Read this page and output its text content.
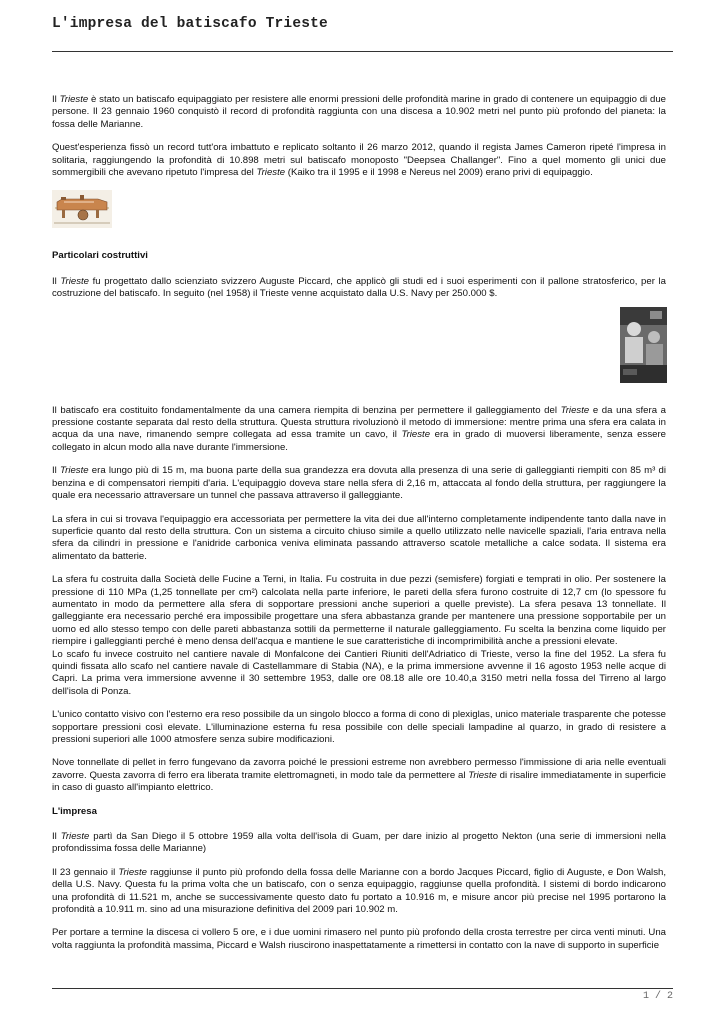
L'impresa del batiscafo Trieste

Il Trieste è stato un batiscafo equipaggiato per resistere alle enormi pressioni delle profondità marine in grado di contenere un equipaggio di due persone. Il 23 gennaio 1960 conquistò il record di profondità raggiunta con una discesa a 10.902 metri nel punto più profondo del pianeta: la fossa delle Marianne.

Quest'esperienza fissò un record tutt'ora imbattuto e replicato soltanto il 26 marzo 2012, quando il regista James Cameron ripeté l'impresa in solitaria, raggiungendo la profondità di 10.898 metri sul batiscafo monoposto "Deepsea Challanger". Fino a quel momento gli unici due sommergibili che avevano ripetuto l'impresa del Trieste (Kaiko tra il 1995 e il 1998 e Nereus nel 2009) erano privi di equipaggio.

Particolari costruttivi

Il Trieste fu progettato dallo scienziato svizzero Auguste Piccard, che applicò gli studi ed i suoi esperimenti con il pallone stratosferico, per la costruzione del batiscafo. In seguito (nel 1958) il Trieste venne acquistato dalla U.S. Navy per 250.000 $.

Il batiscafo era costituito fondamentalmente da una camera riempita di benzina per permettere il galleggiamento del Trieste e da una sfera a pressione costante separata dal resto della struttura. Questa struttura rivoluzionò il metodo di immersione: mentre prima una sfera era calata in acqua da una nave, rimanendo sempre collegata ad essa tramite un cavo, il Trieste era in grado di muoversi liberamente, senza essere collegato in alcun modo alla nave durante l'immersione.

Il Trieste era lungo più di 15 m, ma buona parte della sua grandezza era dovuta alla presenza di una serie di galleggianti riempiti con 85 m³ di benzina e di compensatori riempiti d'aria. L'equipaggio doveva stare nella sfera di 2,16 m, attaccata al fondo della struttura, per raggiungere la quale era necessario attraversare un tunnel che passava attraverso il galleggiante.

La sfera in cui si trovava l'equipaggio era accessoriata per permettere la vita dei due all'interno completamente indipendente tanto dalla nave in superficie quanto dal resto della struttura. Con un sistema a circuito chiuso simile a quello utilizzato nelle navicelle spaziali, l'aria entrava nella sfera da cilindri in pressione e l'anidride carbonica veniva eliminata passando attraverso scatole metalliche a calce sodata. Il sistema era alimentato da batterie.

La sfera fu costruita dalla Società delle Fucine a Terni, in Italia. Fu costruita in due pezzi (semisfere) forgiati e temprati in olio. Per sostenere la pressione di 110 MPa (1,25 tonnellate per cm²) calcolata nella parte inferiore, le pareti della sfera furono costruite di 12,7 cm (lo spessore fu aumentato in modo da permettere alla sfera di sopportare pressioni anche superiori a quelle previste). La sfera pesava 13 tonnellate. Il galleggiante era necessario perché era impossibile progettare una sfera abbastanza grande per mantenere una pressione sopportabile per un uomo ed allo stesso tempo con delle pareti abbastanza sottili da permetterne il naturale galleggiamento. Fu scelta la benzina come liquido per riempire i galleggianti perché è meno densa dell'acqua e mantiene le sue caratteristiche di incomprimibilità anche a pressioni elevate.

Lo scafo fu invece costruito nel cantiere navale di Monfalcone dei Cantieri Riuniti dell'Adriatico di Trieste, verso la fine del 1952. La sfera fu quindi fissata allo scafo nel cantiere navale di Castellammare di Stabia (NA), e la prima immersione avvenne il 16 agosto 1953 nelle acque di Capri. La prima vera immersione avvenne il 30 settembre 1953, dalle ore 08.18 alle ore 10.40,a 3150 metri nella fossa del Tirreno al largo dell'isola di Ponza.

L'unico contatto visivo con l'esterno era reso possibile da un singolo blocco a forma di cono di plexiglas, unico materiale trasparente che potesse sopportare pressioni così elevate. L'illuminazione esterna fu resa possibile con delle speciali lampadine al quarzo, in grado di resistere a pressioni superiori alle 1000 atmosfere senza subire modificazioni.

Nove tonnellate di pellet in ferro fungevano da zavorra poiché le pressioni estreme non avrebbero permesso l'immissione di aria nelle eventuali zavorre. Questa zavorra di ferro era liberata tramite elettromagneti, in modo tale da permettere al Trieste di risalire immediatamente in superficie in caso di guasto all'impianto elettrico.

L'impresa

Il Trieste partì da San Diego il 5 ottobre 1959 alla volta dell'isola di Guam, per dare inizio al progetto Nekton (una serie di immersioni nella profondissima fossa delle Marianne)

Il 23 gennaio il Trieste raggiunse il punto più profondo della fossa delle Marianne con a bordo Jacques Piccard, figlio di Auguste, e Don Walsh, della U.S. Navy. Questa fu la prima volta che un batiscafo, con o senza equipaggio, raggiunse quella profondità. I sistemi di bordo indicarono una profondità di 11.521 m, anche se successivamente questo dato fu portato a 10.916 m, e misure ancor più precise nel 1995 portarono la profondità a 10.911 m. sino ad una misurazione definitiva del 2009 pari 10.902 m.

Per portare a termine la discesa ci vollero 5 ore, e i due uomini rimasero nel punto più profondo della crosta terrestre per circa venti minuti. Una volta raggiunta la profondità massima, Piccard e Walsh riuscirono inaspettatamente a rimettersi in contatto con la nave di supporto in superficie

1 / 2
